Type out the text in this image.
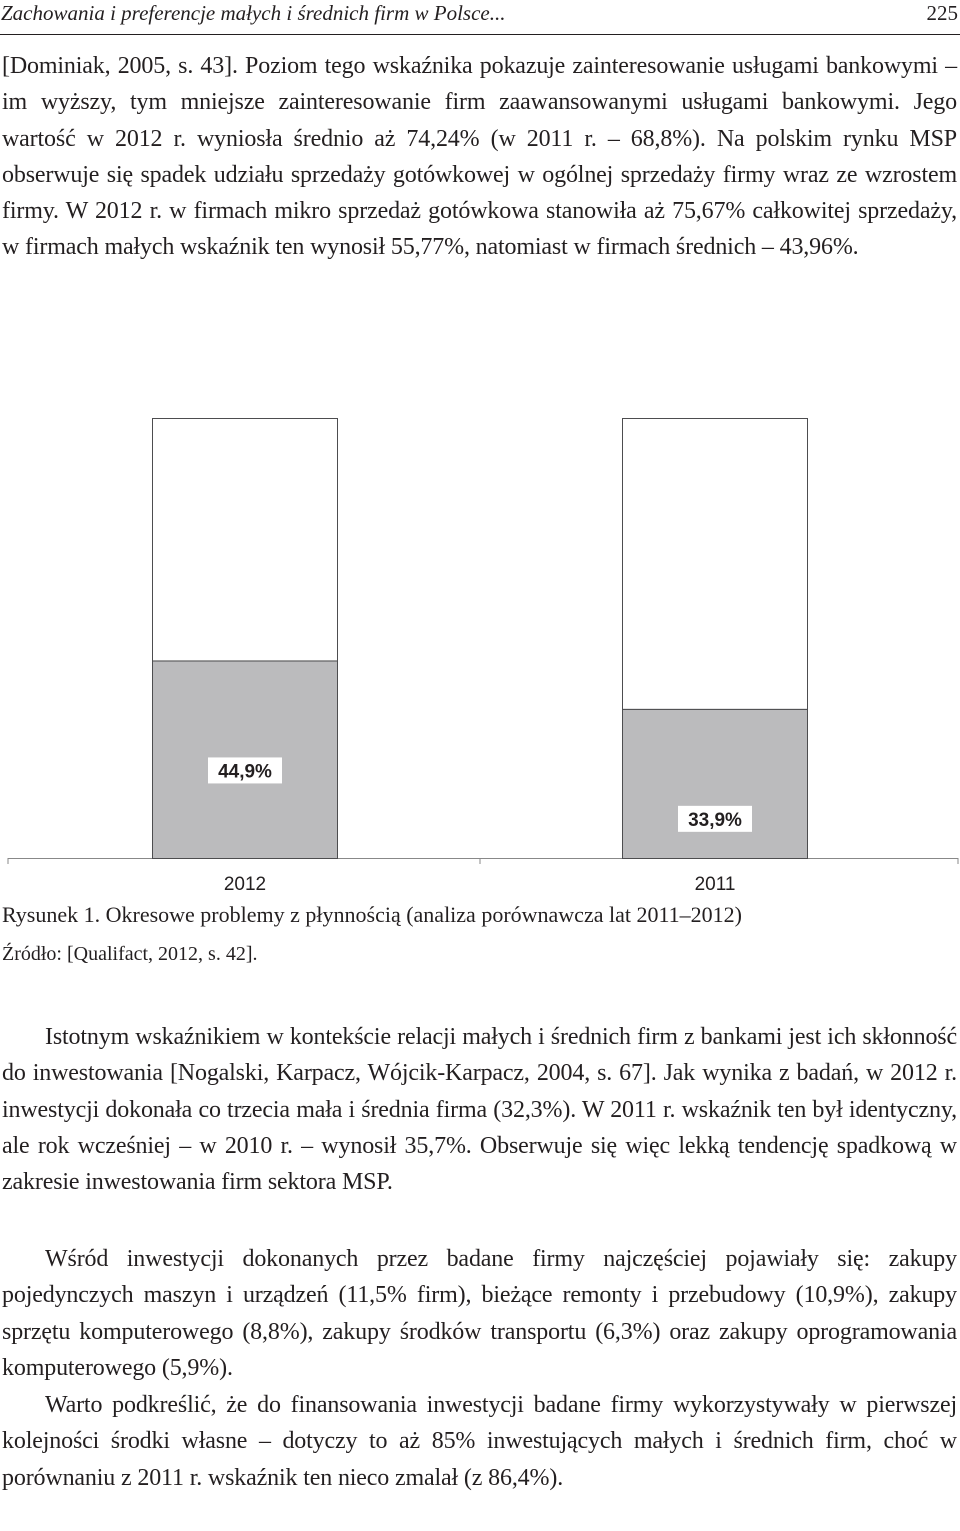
Zachowania i preferencje małych i średnich firm w Polsce...	225

[Dominiak, 2005, s. 43]. Poziom tego wskaźnika pokazuje zainteresowanie usługami bankowymi – im wyższy, tym mniejsze zainteresowanie firm zaawansowanymi usługami bankowymi. Jego wartość w 2012 r. wyniosła średnio aż 74,24% (w 2011 r. – 68,8%). Na polskim rynku MSP obserwuje się spadek udziału sprzedaży gotówkowej w ogólnej sprzedaży firmy wraz ze wzrostem firmy. W 2012 r. w firmach mikro sprzedaż gotówkowa stanowiła aż 75,67% całkowitej sprzedaży, w firmach małych wskaźnik ten wynosił 55,77%, natomiast w firmach średnich – 43,96%.

44,9%
2012
33,9%
2011

Rysunek 1. Okresowe problemy z płynnością (analiza porównawcza lat 2011–2012)

Źródło: [Qualifact, 2012, s. 42].

Istotnym wskaźnikiem w kontekście relacji małych i średnich firm z bankami jest ich skłonność do inwestowania [Nogalski, Karpacz, Wójcik-Karpacz, 2004, s. 67]. Jak wynika z badań, w 2012 r. inwestycji dokonała co trzecia mała i średnia firma (32,3%). W 2011 r. wskaźnik ten był identyczny, ale rok wcześniej – w 2010 r. – wynosił 35,7%. Obserwuje się więc lekką tendencję spadkową w zakresie inwestowania firm sektora MSP.

Wśród inwestycji dokonanych przez badane firmy najczęściej pojawiały się: zakupy pojedynczych maszyn i urządzeń (11,5% firm), bieżące remonty i przebudowy (10,9%), zakupy sprzętu komputerowego (8,8%), zakupy środków transportu (6,3%) oraz zakupy oprogramowania komputerowego (5,9%).

Warto podkreślić, że do finansowania inwestycji badane firmy wykorzystywały w pierwszej kolejności środki własne – dotyczy to aż 85% inwestujących małych i średnich firm, choć w porównaniu z 2011 r. wskaźnik ten nieco zmalał (z 86,4%).
